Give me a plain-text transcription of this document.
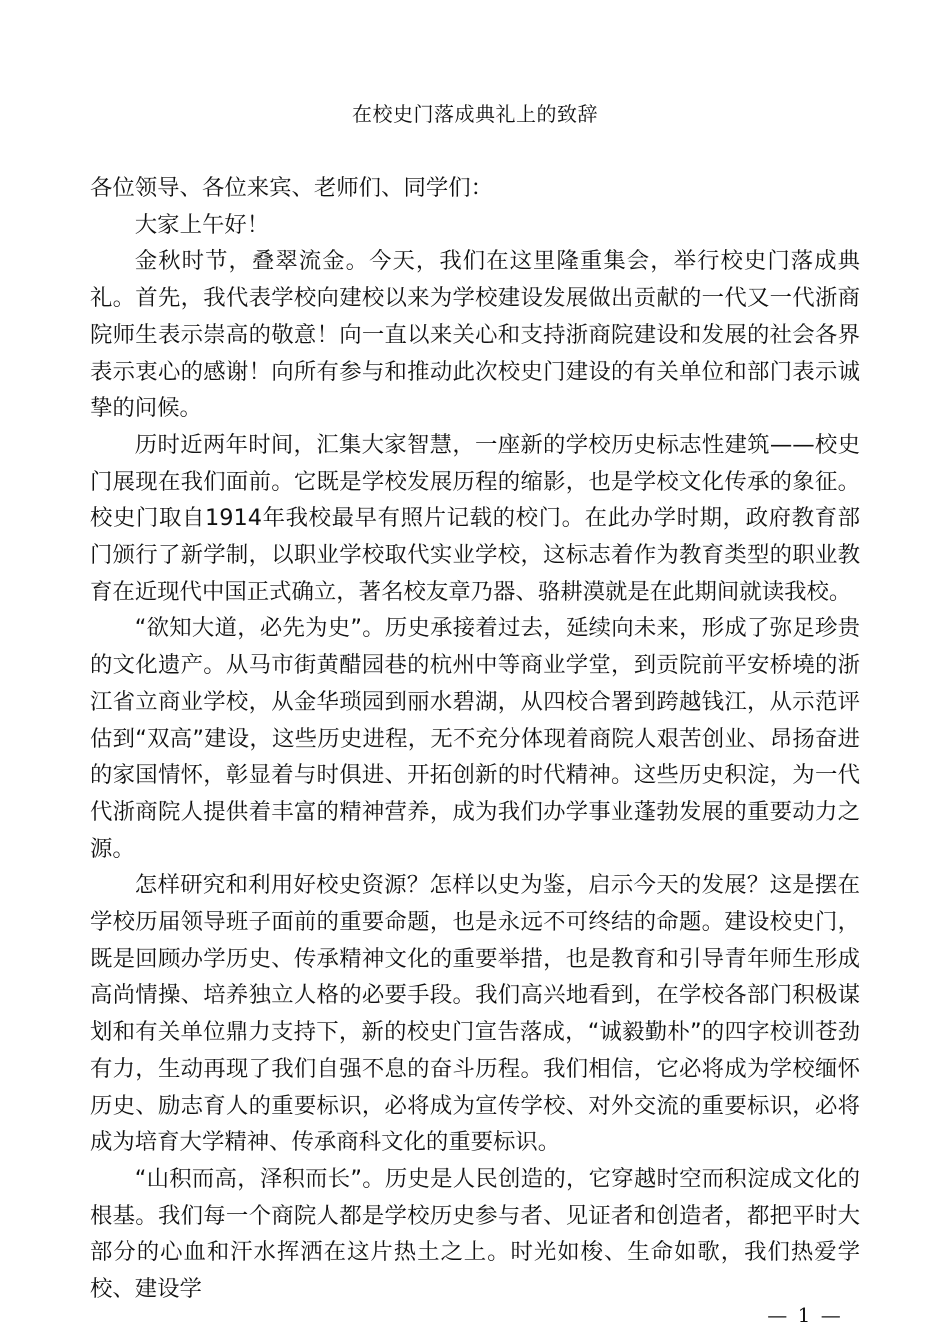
在校史门落成典礼上的致辞

各位领导、各位来宾、老师们、同学们：

大家上午好！

金秋时节，叠翠流金。今天，我们在这里隆重集会，举行校史门落成典礼。首先，我代表学校向建校以来为学校建设发展做出贡献的一代又一代浙商院师生表示崇高的敬意！向一直以来关心和支持浙商院建设和发展的社会各界表示衷心的感谢！向所有参与和推动此次校史门建设的有关单位和部门表示诚挚的问候。

历时近两年时间，汇集大家智慧，一座新的学校历史标志性建筑——校史门展现在我们面前。它既是学校发展历程的缩影，也是学校文化传承的象征。校史门取自1914年我校最早有照片记载的校门。在此办学时期，政府教育部门颁行了新学制，以职业学校取代实业学校，这标志着作为教育类型的职业教育在近现代中国正式确立，著名校友章乃器、骆耕漠就是在此期间就读我校。

“欲知大道，必先为史”。历史承接着过去，延续向未来，形成了弥足珍贵的文化遗产。从马市街黄醋园巷的杭州中等商业学堂，到贡院前平安桥墝的浙江省立商业学校，从金华琐园到丽水碧湖，从四校合署到跨越钱江，从示范评估到“双高”建设，这些历史进程，无不充分体现着商院人艰苦创业、昂扬奋进的家国情怀，彰显着与时俱进、开拓创新的时代精神。这些历史积淀，为一代代浙商院人提供着丰富的精神营养，成为我们办学事业蓬勃发展的重要动力之源。

怎样研究和利用好校史资源？怎样以史为鉴，启示今天的发展？这是摆在学校历届领导班子面前的重要命题，也是永远不可终结的命题。建设校史门，既是回顾办学历史、传承精神文化的重要举措，也是教育和引导青年师生形成高尚情操、培养独立人格的必要手段。我们高兴地看到，在学校各部门积极谋划和有关单位鼎力支持下，新的校史门宣告落成，“诚毅勤朴”的四字校训苍劲有力，生动再现了我们自强不息的奋斗历程。我们相信，它必将成为学校缅怀历史、励志育人的重要标识，必将成为宣传学校、对外交流的重要标识，必将成为培育大学精神、传承商科文化的重要标识。

“山积而高，泽积而长”。历史是人民创造的，它穿越时空而积淀成文化的根基。我们每一个商院人都是学校历史参与者、见证者和创造者，都把平时大部分的心血和汗水挥洒在这片热土之上。时光如梭、生命如歌，我们热爱学校、建设学

— 1 —
